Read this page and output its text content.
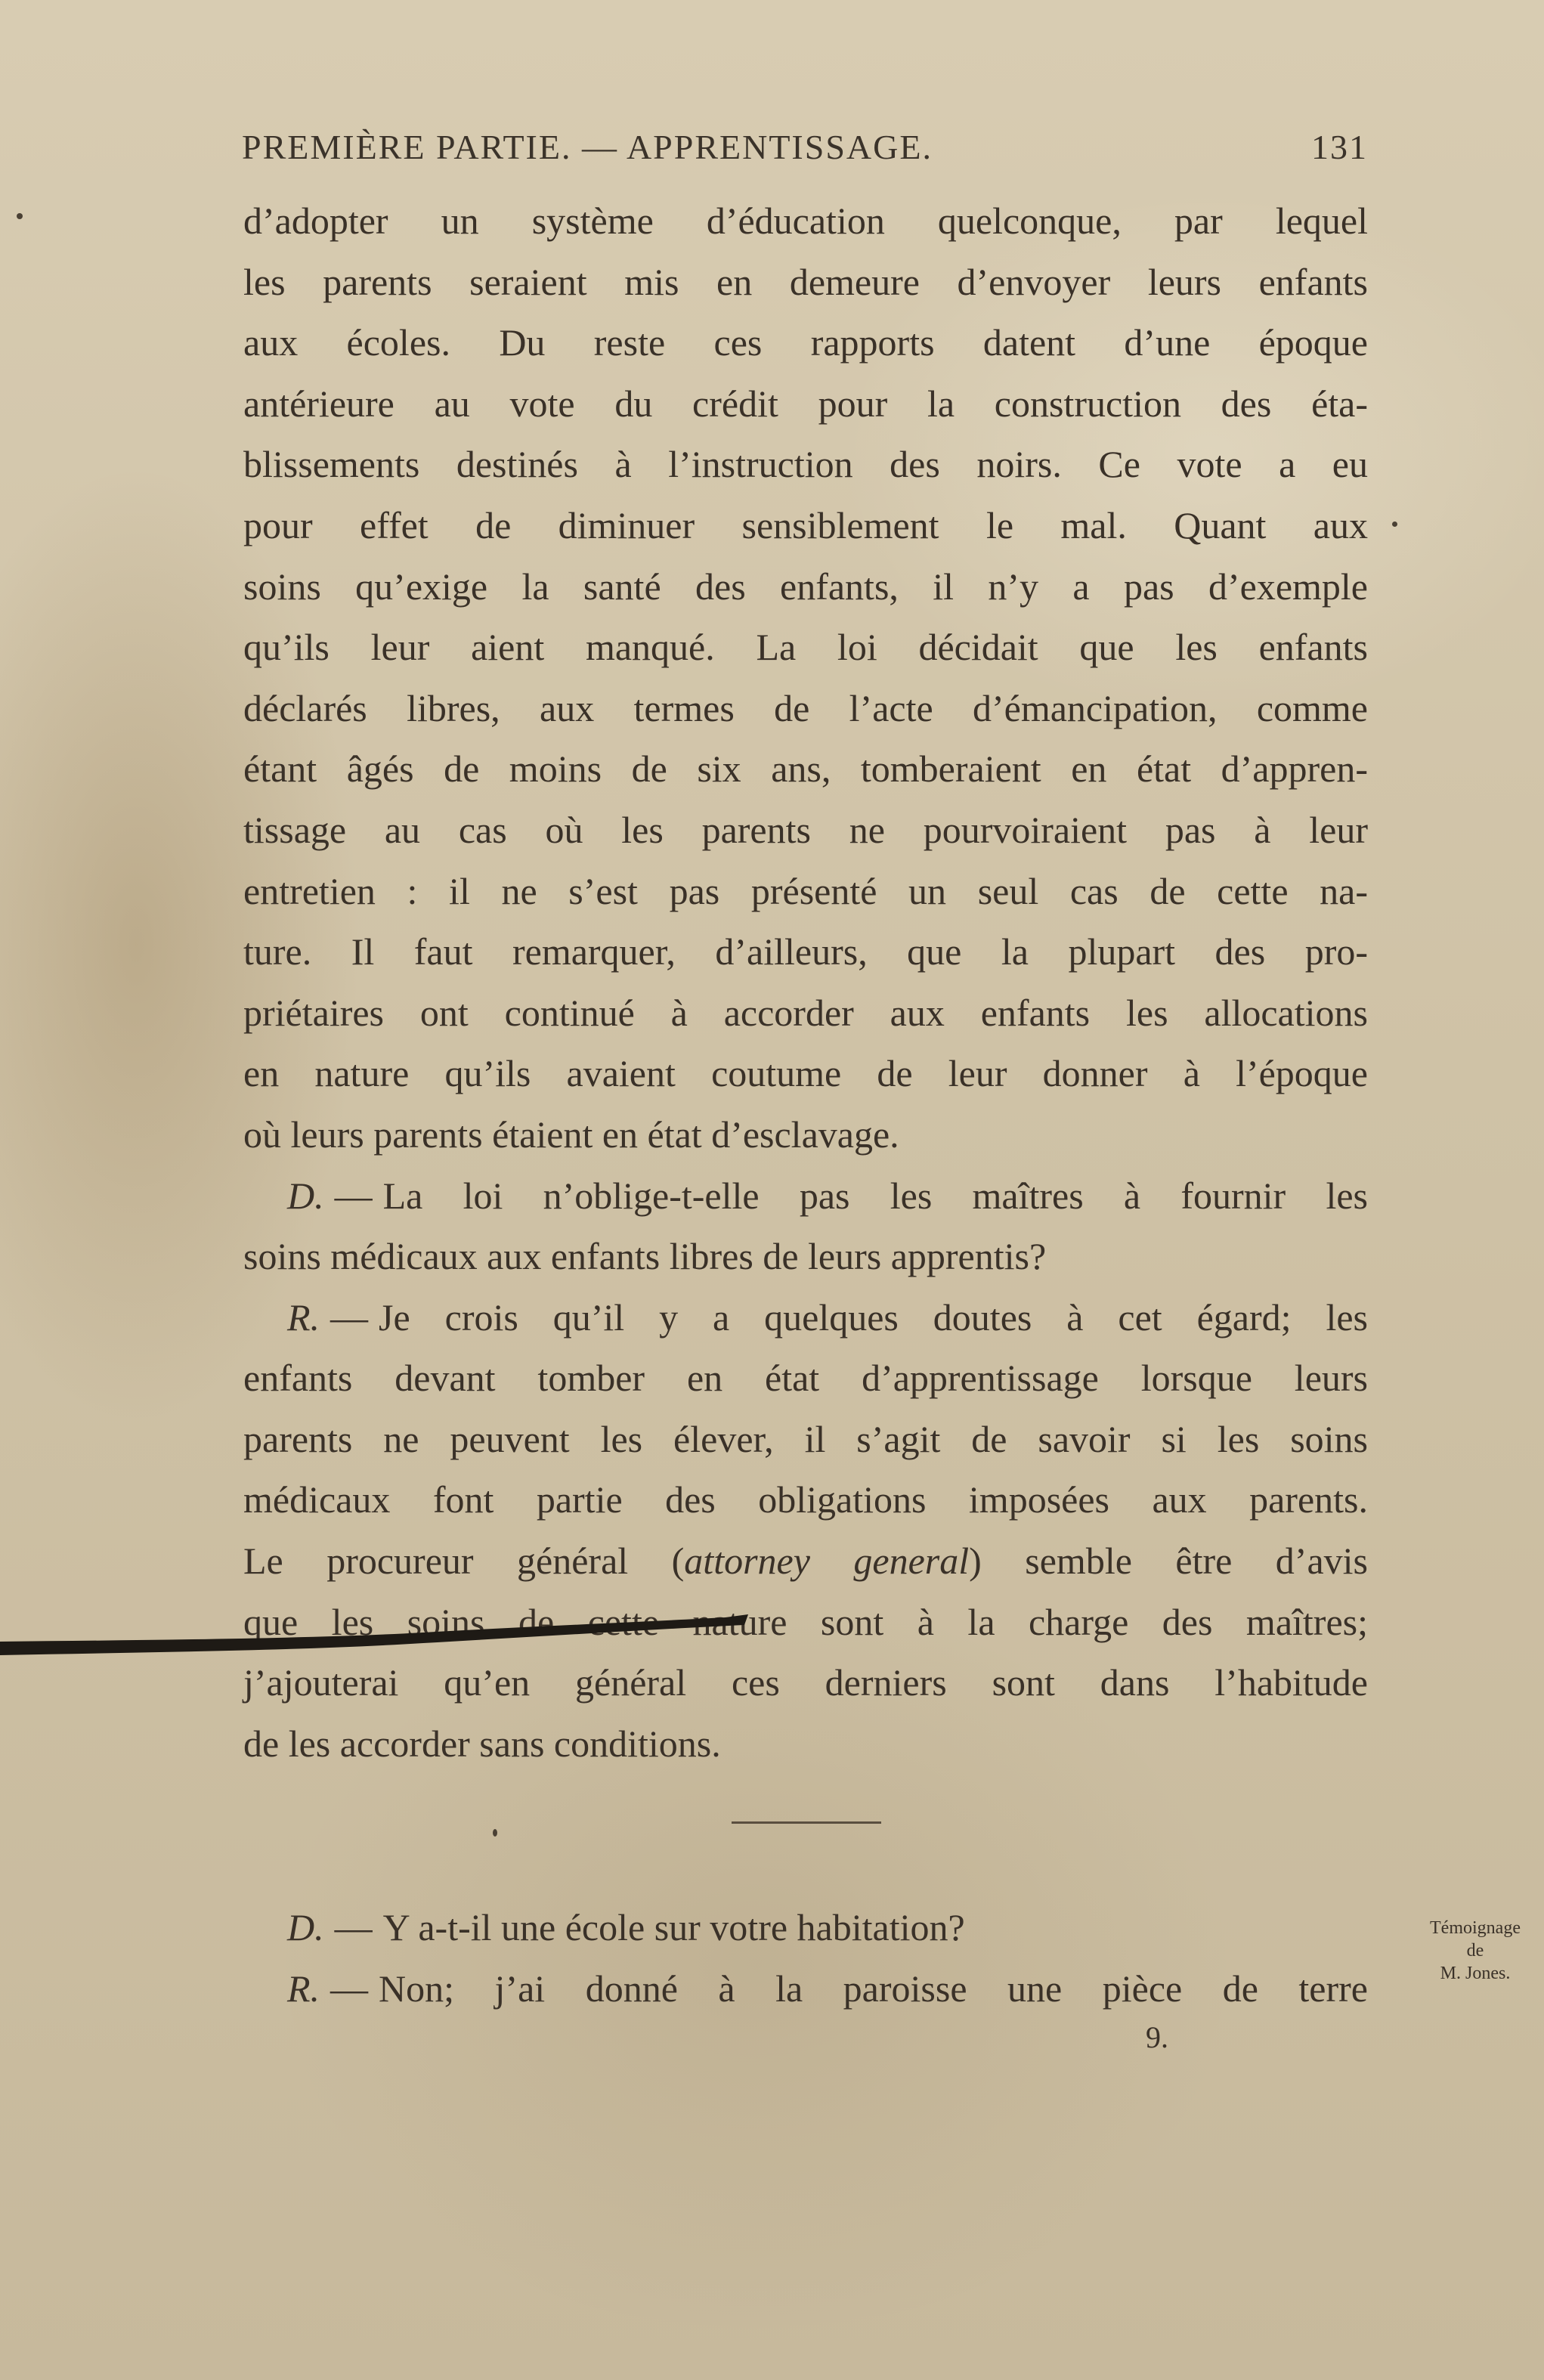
PREMIÈRE PARTIE. — APPRENTISSAGE.	131
d’adopter un système d’éducation quelconque, par lequel
les parents seraient mis en demeure d’envoyer leurs enfants
aux écoles. Du reste ces rapports datent d’une époque
antérieure au vote du crédit pour la construction des éta-
blissements destinés à l’instruction des noirs. Ce vote a eu
pour effet de diminuer sensiblement le mal. Quant aux
soins qu’exige la santé des enfants, il n’y a pas d’exemple
qu’ils leur aient manqué. La loi décidait que les enfants
déclarés libres, aux termes de l’acte d’émancipation, comme
étant âgés de moins de six ans, tomberaient en état d’appren-
tissage au cas où les parents ne pourvoiraient pas à leur
entretien : il ne s’est pas présenté un seul cas de cette na-
ture. Il faut remarquer, d’ailleurs, que la plupart des pro-
priétaires ont continué à accorder aux enfants les allocations
en nature qu’ils avaient coutume de leur donner à l’époque
où leurs parents étaient en état d’esclavage.
D. — La loi n’oblige-t-elle pas les maîtres à fournir les
soins médicaux aux enfants libres de leurs apprentis?
R. — Je crois qu’il y a quelques doutes à cet égard; les
enfants devant tomber en état d’apprentissage lorsque leurs
parents ne peuvent les élever, il s’agit de savoir si les soins
médicaux font partie des obligations imposées aux parents.
Le procureur général (attorney general) semble être d’avis
que les soins de cette nature sont à la charge des maîtres;
j’ajouterai qu’en général ces derniers sont dans l’habitude
de les accorder sans conditions.
D. — Y a-t-il une école sur votre habitation?
R. — Non; j’ai donné à la paroisse une pièce de terre
9.
Témoignage
de
M. Jones.
